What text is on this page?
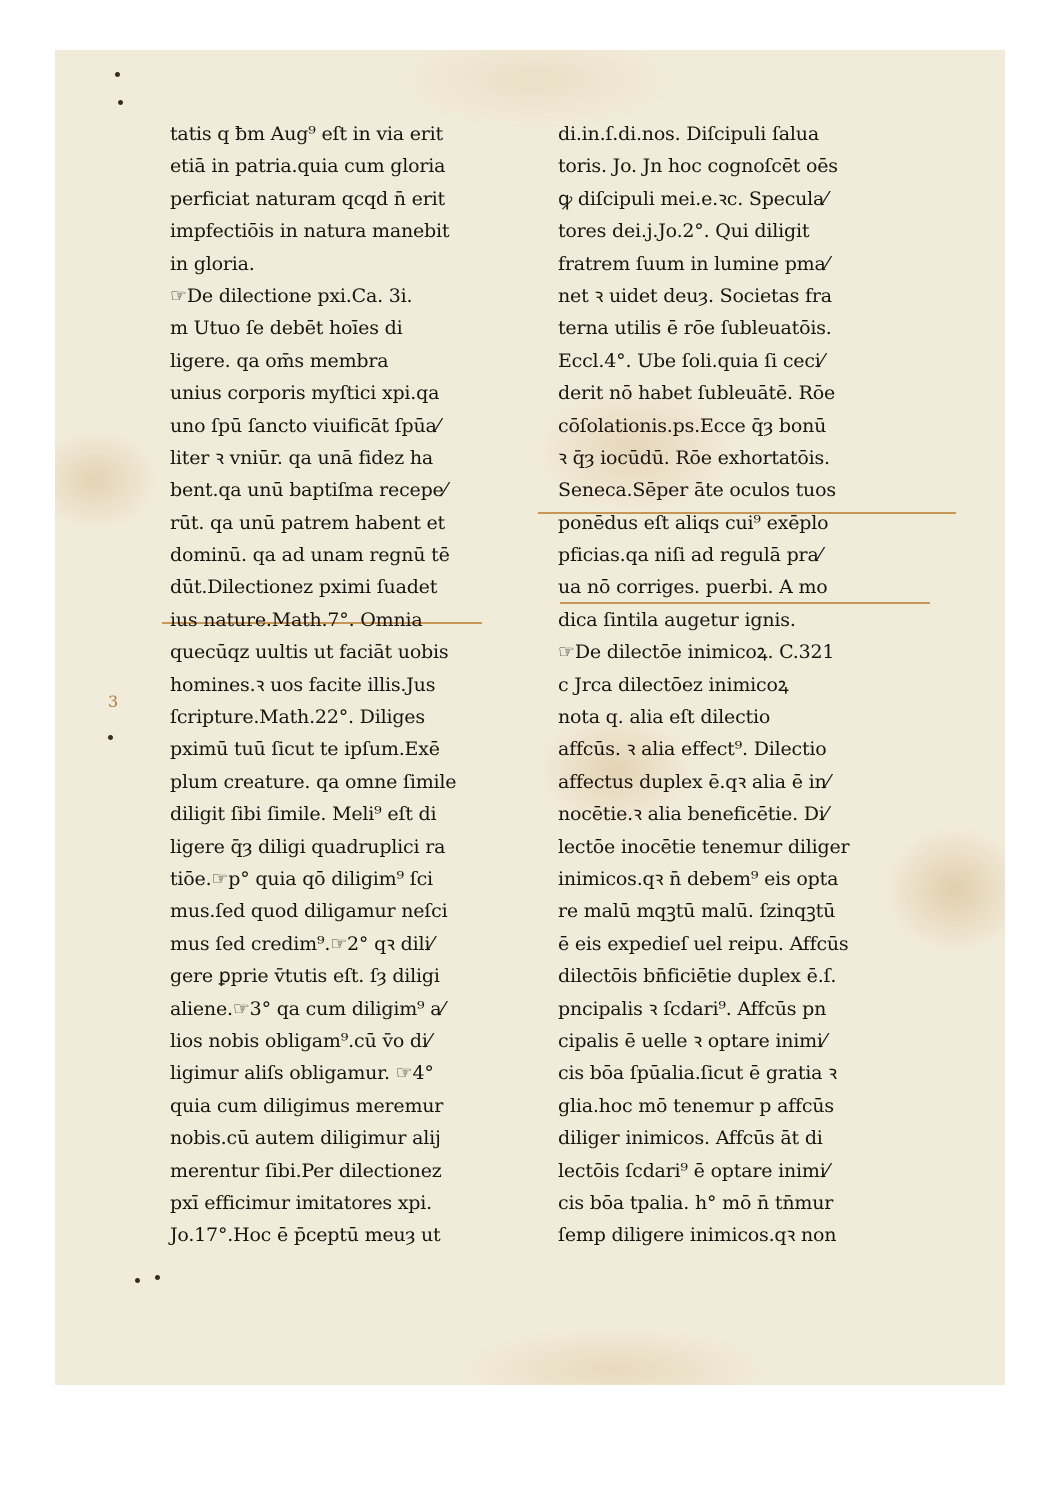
3
tatis q ƀm Aug⁹ eſt in via erit
etiā in patria.quia cum gloria
perficiat naturam qcqd n̄ erit
impfectiōis in natura manebit
in gloria.
☞De dilectione pxi.Ca. 3i.
m Utuo ſe debēt hoīes di
ligere. qa om̄s membra
unius corporis myſtici xpi.qa
uno ſpū ſancto viuificāt ſpūa⁄
liter ꝛ vniūr. qa unā fidez ha
bent.qa unū baptiſma recepe⁄
rūt. qa unū patrem habent et
dominū. qa ad unam regnū tē
dūt.Dilectionez pximi ſuadet
ius nature.Math.7°. Omnia
quecūqz uultis ut faciāt uobis
homines.ꝛ uos facite illis.Jus
ſcripture.Math.22°. Diliges
pximū tuū ſicut te ipſum.Exē
plum creature. qa omne ſimile
diligit ſibi ſimile. Meli⁹ eſt di
ligere q̄ȝ diligi quadruplici ra
tiōe.☞p° quia qō diligim⁹ ſci
mus.ſed quod diligamur neſci
mus ſed credim⁹.☞2° qꝛ dili⁄
gere ꝑprie v̄tutis eſt. ſȝ diligi
aliene.☞3° qa cum diligim⁹ a⁄
lios nobis obligam⁹.cū v̄o di⁄
ligimur aliſs obligamur. ☞4°
quia cum diligimus meremur
nobis.cū autem diligimur alij
merentur ſibi.Per dilectionez
pxī efficimur imitatores xpi.
Jo.17°.Hoc ē p̄ceptū meuȝ ut
di.in.ſ.di.nos. Diſcipuli ſalua
toris. Jo. Jn hoc cognoſcēt oēs
ꝙ diſcipuli mei.e.ꝛc. Specula⁄
tores dei.j.Jo.2°. Qui diligit
fratrem ſuum in lumine pma⁄
net ꝛ uidet deuȝ. Societas fra
terna utilis ē rōe ſubleuatōis.
Eccl.4°. Ube ſoli.quia ſi ceci⁄
derit nō habet ſubleuātē. Rōe
cōſolationis.ps.Ecce q̄ȝ bonū
ꝛ q̄ȝ iocūdū. Rōe exhortatōis.
Seneca.Sēper āte oculos tuos
ponēdus eſt aliqs cui⁹ exēplo
pficias.qa niſi ad regulā pra⁄
ua nō corriges. puerbi. A mo
dica ſintila augetur ignis.
☞De dilectōe inimicoꝝ. C.321
c Jrca dilectōez inimicoꝝ
nota q. alia eſt dilectio
affcūs. ꝛ alia effect⁹. Dilectio
affectus duplex ē.qꝛ alia ē in⁄
nocētie.ꝛ alia beneficētie. Di⁄
lectōe inocētie tenemur diliger
inimicos.qꝛ n̄ debem⁹ eis opta
re malū mqꝫtū malū. ſzinqꝫtū
ē eis expedieſ uel reipu. Affcūs
dilectōis bn̄ficiētie duplex ē.ſ.
pncipalis ꝛ ſcdari⁹. Affcūs pn
cipalis ē uelle ꝛ optare inimi⁄
cis bōa ſpūalia.ſicut ē gratia ꝛ
glia.hoc mō tenemur p affcūs
diliger inimicos. Affcūs āt di
lectōis ſcdari⁹ ē optare inimi⁄
cis bōa tpalia. h° mō n̄ tn̄mur
ſemp diligere inimicos.qꝛ non
